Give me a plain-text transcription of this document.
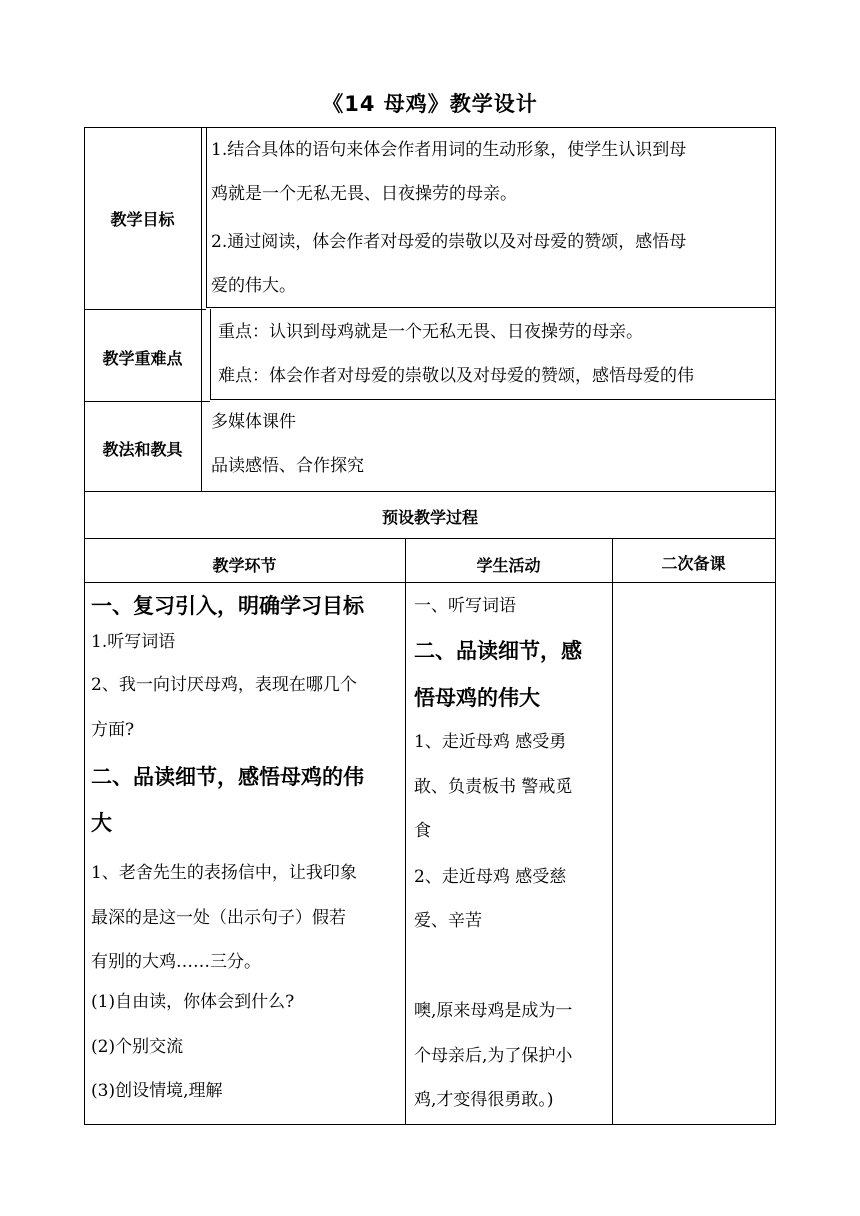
《14 母鸡》教学设计
教学目标
1.结合具体的语句来体会作者用词的生动形象，使学生认识到母
鸡就是一个无私无畏、日夜操劳的母亲。
2.通过阅读，体会作者对母爱的崇敬以及对母爱的赞颂，感悟母
爱的伟大。
教学重难点
重点：认识到母鸡就是一个无私无畏、日夜操劳的母亲。
难点：体会作者对母爱的崇敬以及对母爱的赞颂，感悟母爱的伟
教法和教具
多媒体课件
品读感悟、合作探究
预设教学过程
教学环节	学生活动	二次备课
一、复习引入，明确学习目标
1.听写词语
2、我一向讨厌母鸡，表现在哪几个
方面?
二、品读细节，感悟母鸡的伟
大
1、老舍先生的表扬信中，让我印象
最深的是这一处（出示句子）假若
有别的大鸡……三分。
(1)自由读，你体会到什么?
(2)个别交流
(3)创设情境,理解
一、听写词语
二、品读细节，感
悟母鸡的伟大
1、走近母鸡 感受勇
敢、负责板书 警戒觅
食
2、走近母鸡 感受慈
爱、辛苦
噢,原来母鸡是成为一
个母亲后,为了保护小
鸡,才变得很勇敢。)
